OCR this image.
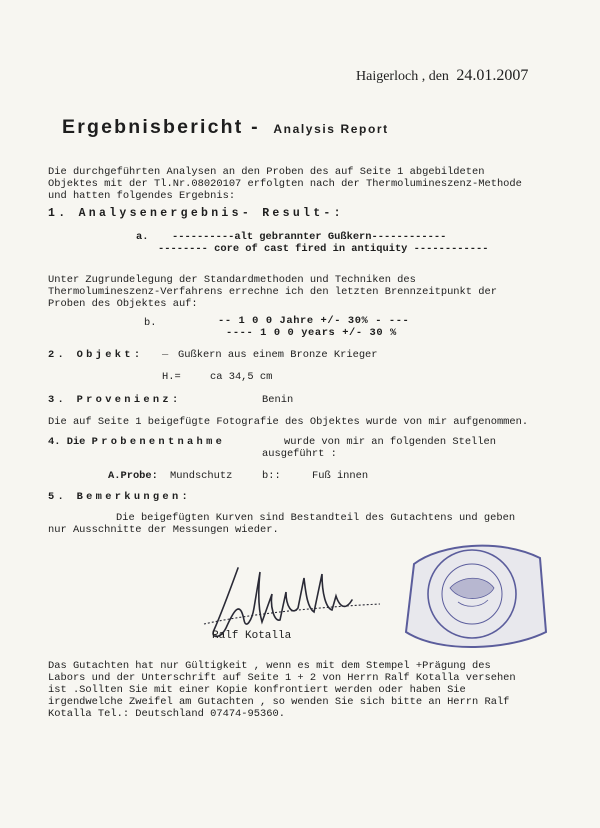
Haigerloch , den 24.01.2007
Ergebnisbericht - Analysis Report
Die durchgeführten Analysen an den Proben des auf Seite 1 abgebildeten
Objektes mit der Tl.Nr.08020107 erfolgten nach der Thermolumineszenz-Methode
und hatten folgendes Ergebnis:
1. Analysenergebnis- Result-:
a. ----------alt gebrannter Gußkern------------
-------- core of cast fired in antiquity ------------
Unter Zugrundelegung der Standardmethoden und Techniken des
Thermolumineszenz-Verfahrens errechne ich den letzten Brennzeitpunkt der
Proben des Objektes auf:
b.	-- 1 0 0 Jahre +/- 30% - ---
---- 1 0 0 years +/- 30 %
2. Objekt: _ Gußkern aus einem Bronze Krieger
H.=	ca 34,5 cm
3. Provenienz:	Benin
Die auf Seite 1 beigefügte Fotografie des Objektes wurde von mir aufgenommen.
4. Die Probenentnahme	wurde von mir an folgenden Stellen
ausgeführt :
A.Probe: Mundschutz	b::	Fuß innen
5. Bemerkungen:
Die beigefügten Kurven sind Bestandteil des Gutachtens und geben
nur Ausschnitte der Messungen wieder.
Ralf Kotalla
Das Gutachten hat nur Gültigkeit , wenn es mit dem Stempel +Prägung des
Labors und der Unterschrift auf Seite 1 + 2 von Herrn Ralf Kotalla versehen
ist .Sollten Sie mit einer Kopie konfrontiert werden oder haben Sie
irgendwelche Zweifel am Gutachten , so wenden Sie sich bitte an Herrn Ralf
Kotalla Tel.: Deutschland 07474-95360.
